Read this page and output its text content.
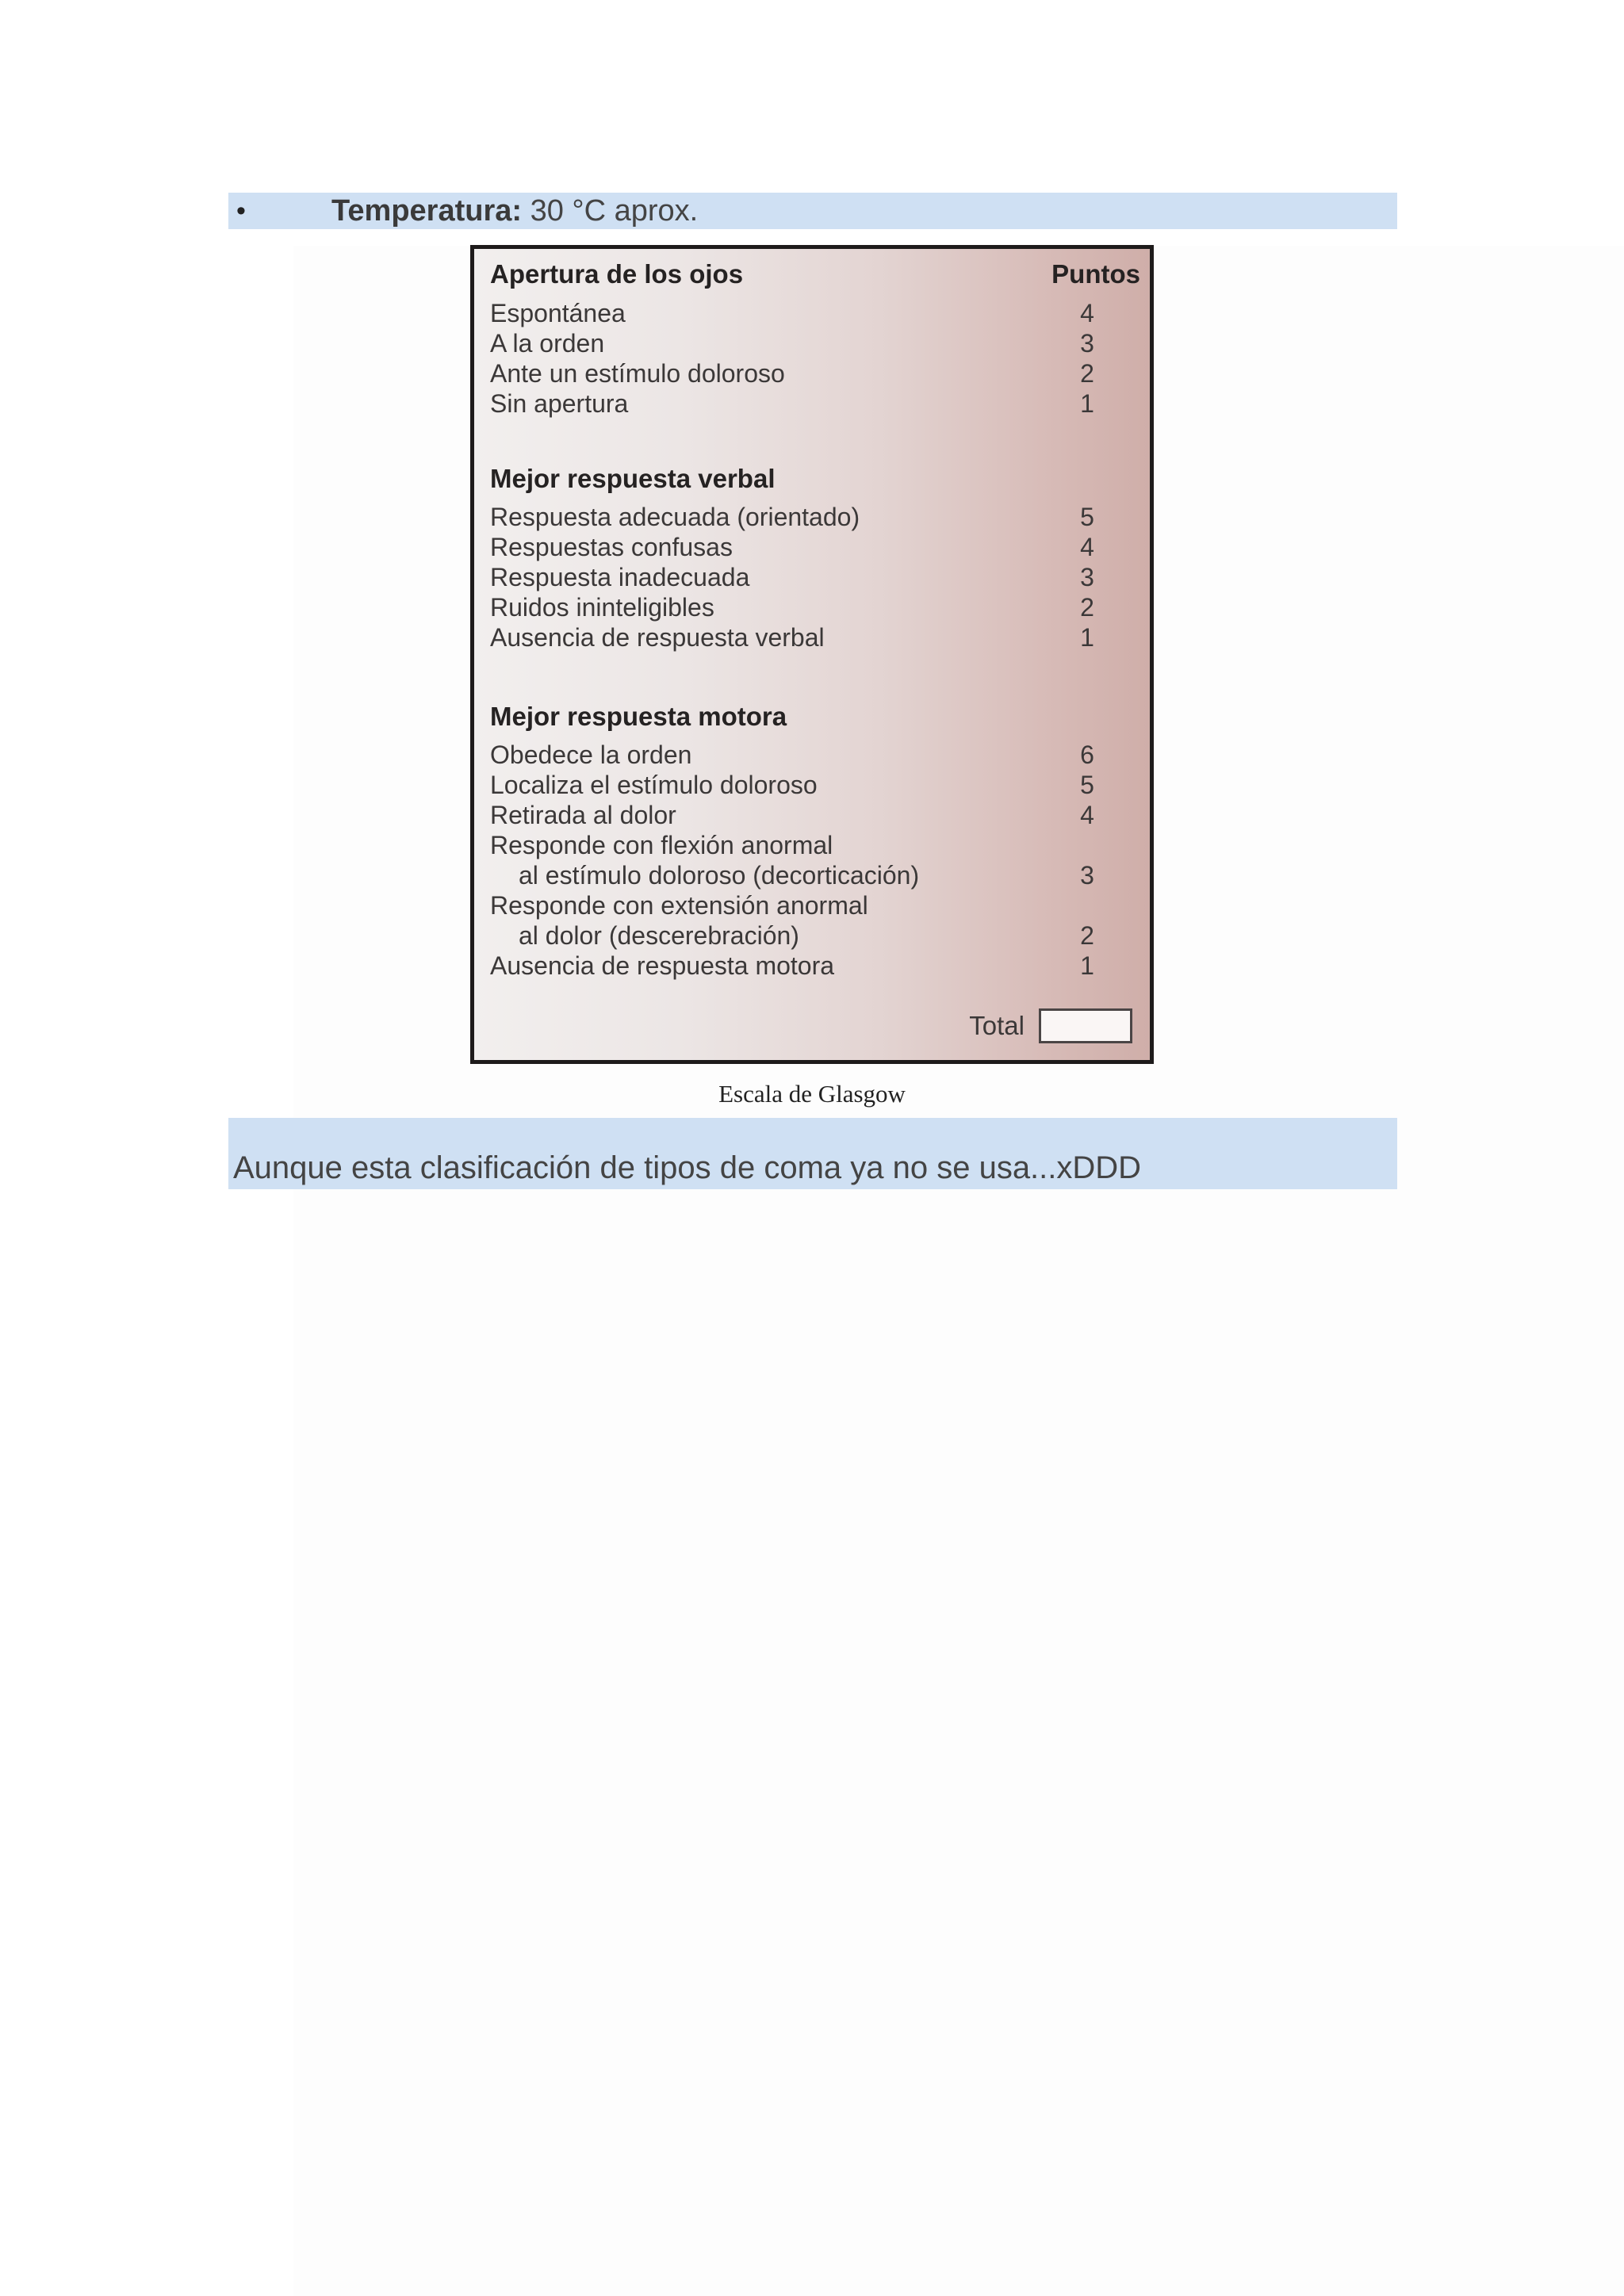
•	Temperatura: 30 °C aprox.
Apertura de los ojos	Puntos
Espontánea	4
A la orden	3
Ante un estímulo doloroso	2
Sin apertura	1
Mejor respuesta verbal
Respuesta adecuada (orientado)	5
Respuestas confusas	4
Respuesta inadecuada	3
Ruidos ininteligibles	2
Ausencia de respuesta verbal	1
Mejor respuesta motora
Obedece la orden	6
Localiza el estímulo doloroso	5
Retirada al dolor	4
Responde con flexión anormal
al estímulo doloroso (decorticación)	3
Responde con extensión anormal
al dolor (descerebración)	2
Ausencia de respuesta motora	1
Total
Escala de Glasgow
Aunque esta clasificación de tipos de coma ya no se usa...xDDD
